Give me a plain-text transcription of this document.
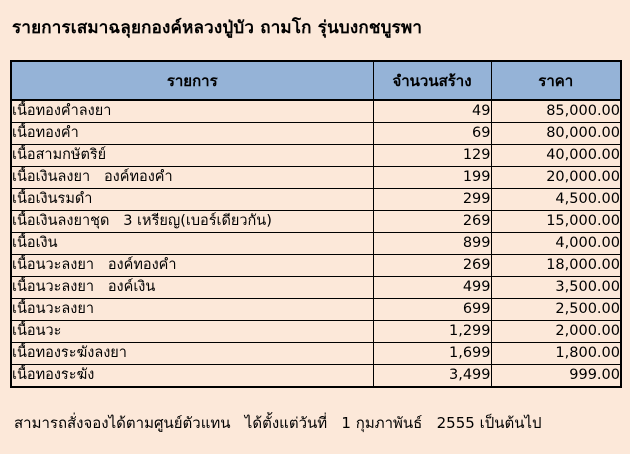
รายการเสมาฉลุยกองค์หลวงปู่บัว ถามโก รุ่นบงกชบูรพา
รายการ	จำนวนสร้าง	ราคา
เนื้อทองคำลงยา	49	85,000.00
เนื้อทองคำ	69	80,000.00
เนื้อสามกษัตริย์	129	40,000.00
เนื้อเงินลงยา   องค์ทองคำ	199	20,000.00
เนื้อเงินรมดำ	299	4,500.00
เนื้อเงินลงยาชุด   3 เหรียญ(เบอร์เดียวกัน)	269	15,000.00
เนื้อเงิน	899	4,000.00
เนื้อนวะลงยา   องค์ทองคำ	269	18,000.00
เนื้อนวะลงยา   องค์เงิน	499	3,500.00
เนื้อนวะลงยา	699	2,500.00
เนื้อนวะ	1,299	2,000.00
เนื้อทองระฆังลงยา	1,699	1,800.00
เนื้อทองระฆัง	3,499	999.00
สามารถสั่งจองได้ตามศูนย์ตัวแทน   ได้ตั้งแต่วันที่   1 กุมภาพันธ์   2555 เป็นต้นไป
